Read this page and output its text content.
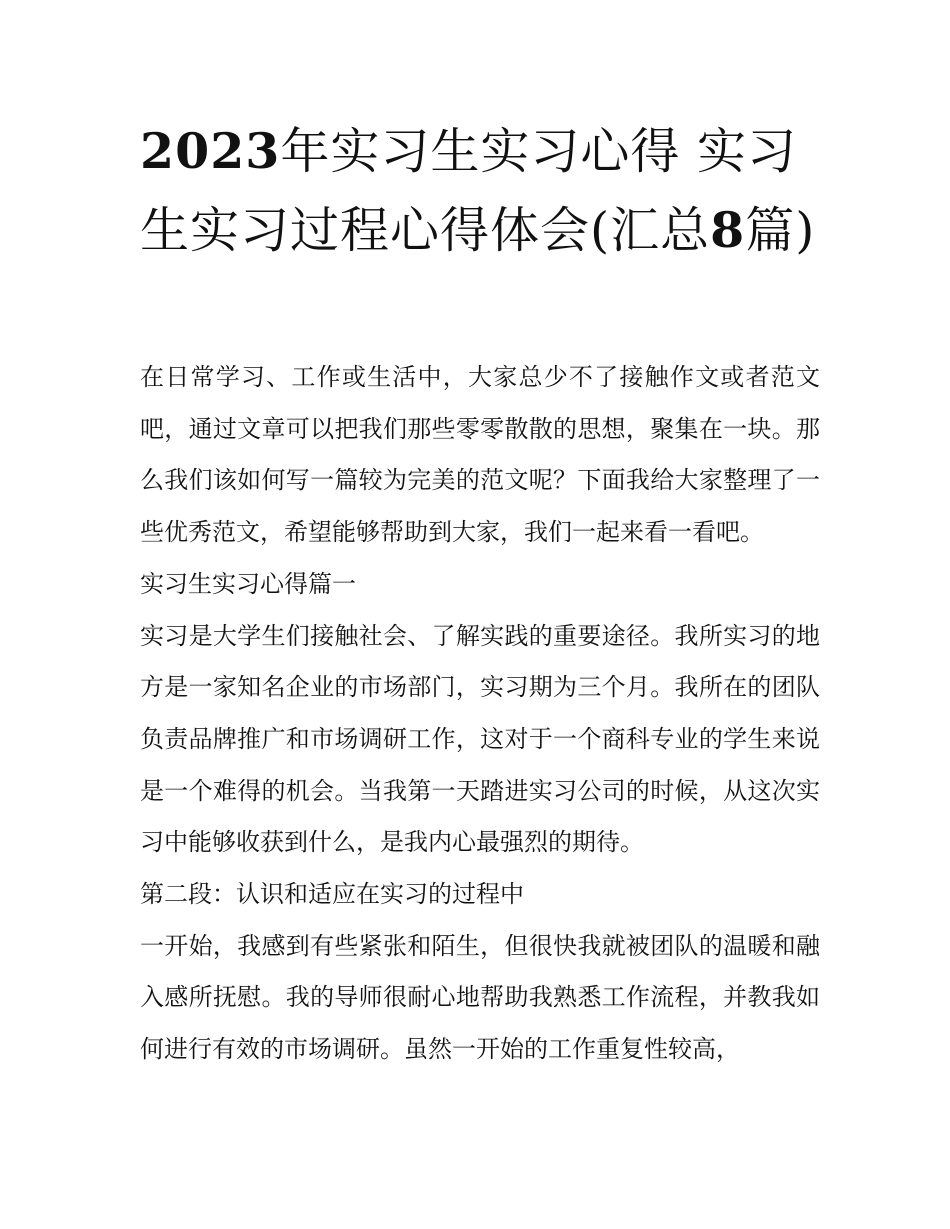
2023年实习生实习心得 实习生实习过程心得体会(汇总8篇)

在日常学习、工作或生活中，大家总少不了接触作文或者范文吧，通过文章可以把我们那些零零散散的思想，聚集在一块。那么我们该如何写一篇较为完美的范文呢？下面我给大家整理了一些优秀范文，希望能够帮助到大家，我们一起来看一看吧。

实习生实习心得篇一

实习是大学生们接触社会、了解实践的重要途径。我所实习的地方是一家知名企业的市场部门，实习期为三个月。我所在的团队负责品牌推广和市场调研工作，这对于一个商科专业的学生来说是一个难得的机会。当我第一天踏进实习公司的时候，从这次实习中能够收获到什么，是我内心最强烈的期待。

第二段：认识和适应在实习的过程中

一开始，我感到有些紧张和陌生，但很快我就被团队的温暖和融入感所抚慰。我的导师很耐心地帮助我熟悉工作流程，并教我如何进行有效的市场调研。虽然一开始的工作重复性较高，
